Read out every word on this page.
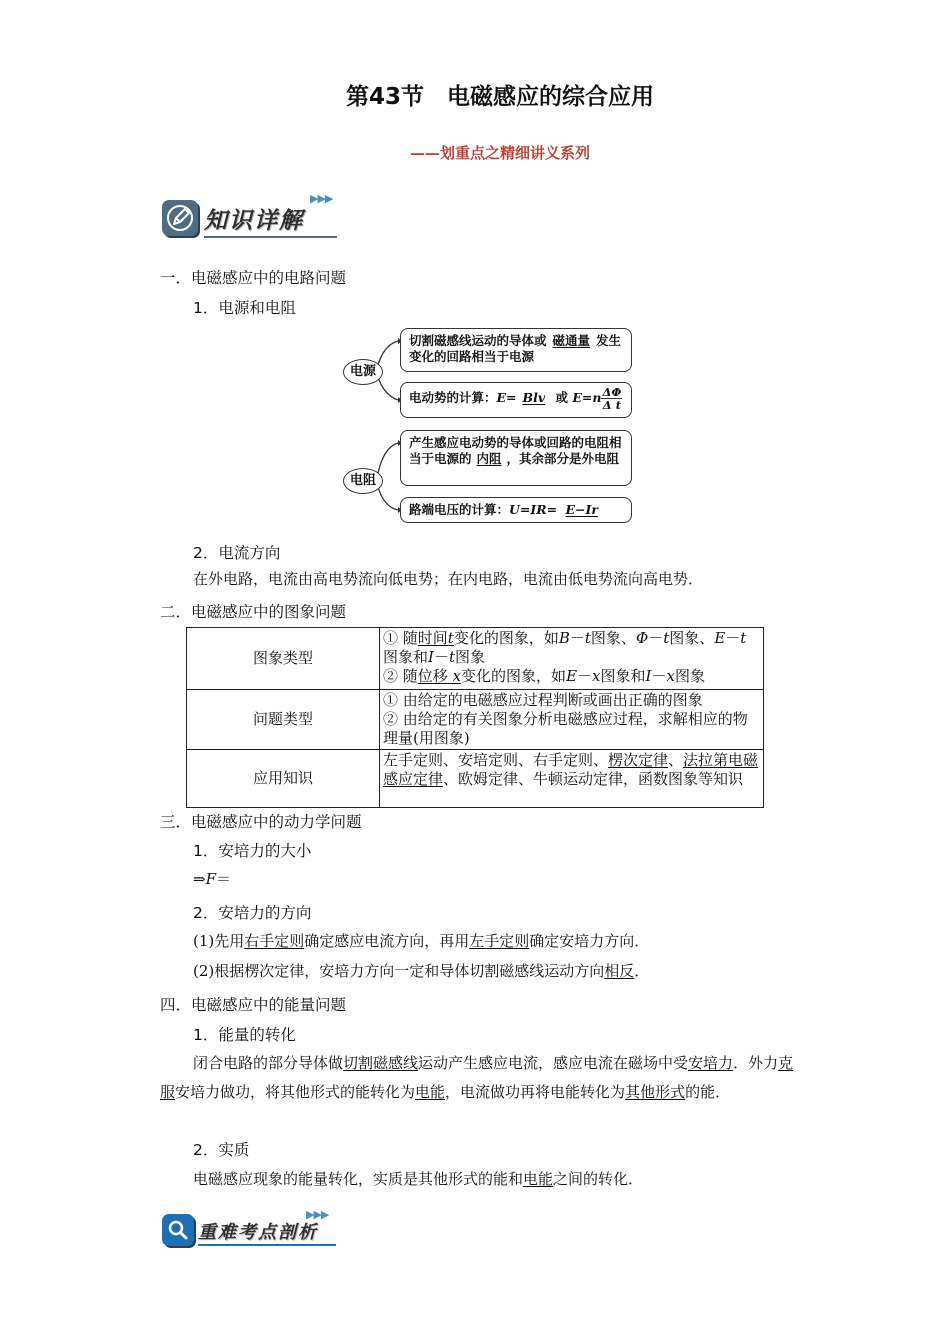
第43节　电磁感应的综合应用
——划重点之精细讲义系列
知识详解
▶▶▶
一．电磁感应中的电路问题
1．电源和电阻
电源
电阻
切割磁感线运动的导体或 磁通量 发生变化的回路相当于电源
电动势的计算：E= Blv 或 $E=n \frac{\Delta\Phi}{\text{Δ t}}$
产生感应电动势的导体或回路的电阻相当于电源的 内阻 ，其余部分是外电阻
路端电压的计算：U=IR= E−Ir
2．电流方向
在外电路，电流由高电势流向低电势；在内电路，电流由低电势流向高电势．
二．电磁感应中的图象问题
图象类型	① 随时间t变化的图象，如B－t图象、Φ－t图象、E－t图象和I－t图象
② 随位移 x变化的图象，如E－x图象和I－x图象
问题类型	① 由给定的电磁感应过程判断或画出正确的图象
② 由给定的有关图象分析电磁感应过程，求解相应的物理量(用图象)
应用知识	左手定则、安培定则、右手定则、楞次定律、法拉第电磁感应定律、欧姆定律、牛顿运动定律，函数图象等知识
三．电磁感应中的动力学问题
1．安培力的大小
⇒F＝
2．安培力的方向
(1)先用右手定则确定感应电流方向，再用左手定则确定安培力方向．
(2)根据楞次定律，安培力方向一定和导体切割磁感线运动方向相反．
四．电磁感应中的能量问题
1．能量的转化
闭合电路的部分导体做切割磁感线运动产生感应电流，感应电流在磁场中受安培力．外力克服安培力做功，将其他形式的能转化为电能，电流做功再将电能转化为其他形式的能．
2．实质
电磁感应现象的能量转化，实质是其他形式的能和电能之间的转化．
重难考点剖析
▶▶▶
